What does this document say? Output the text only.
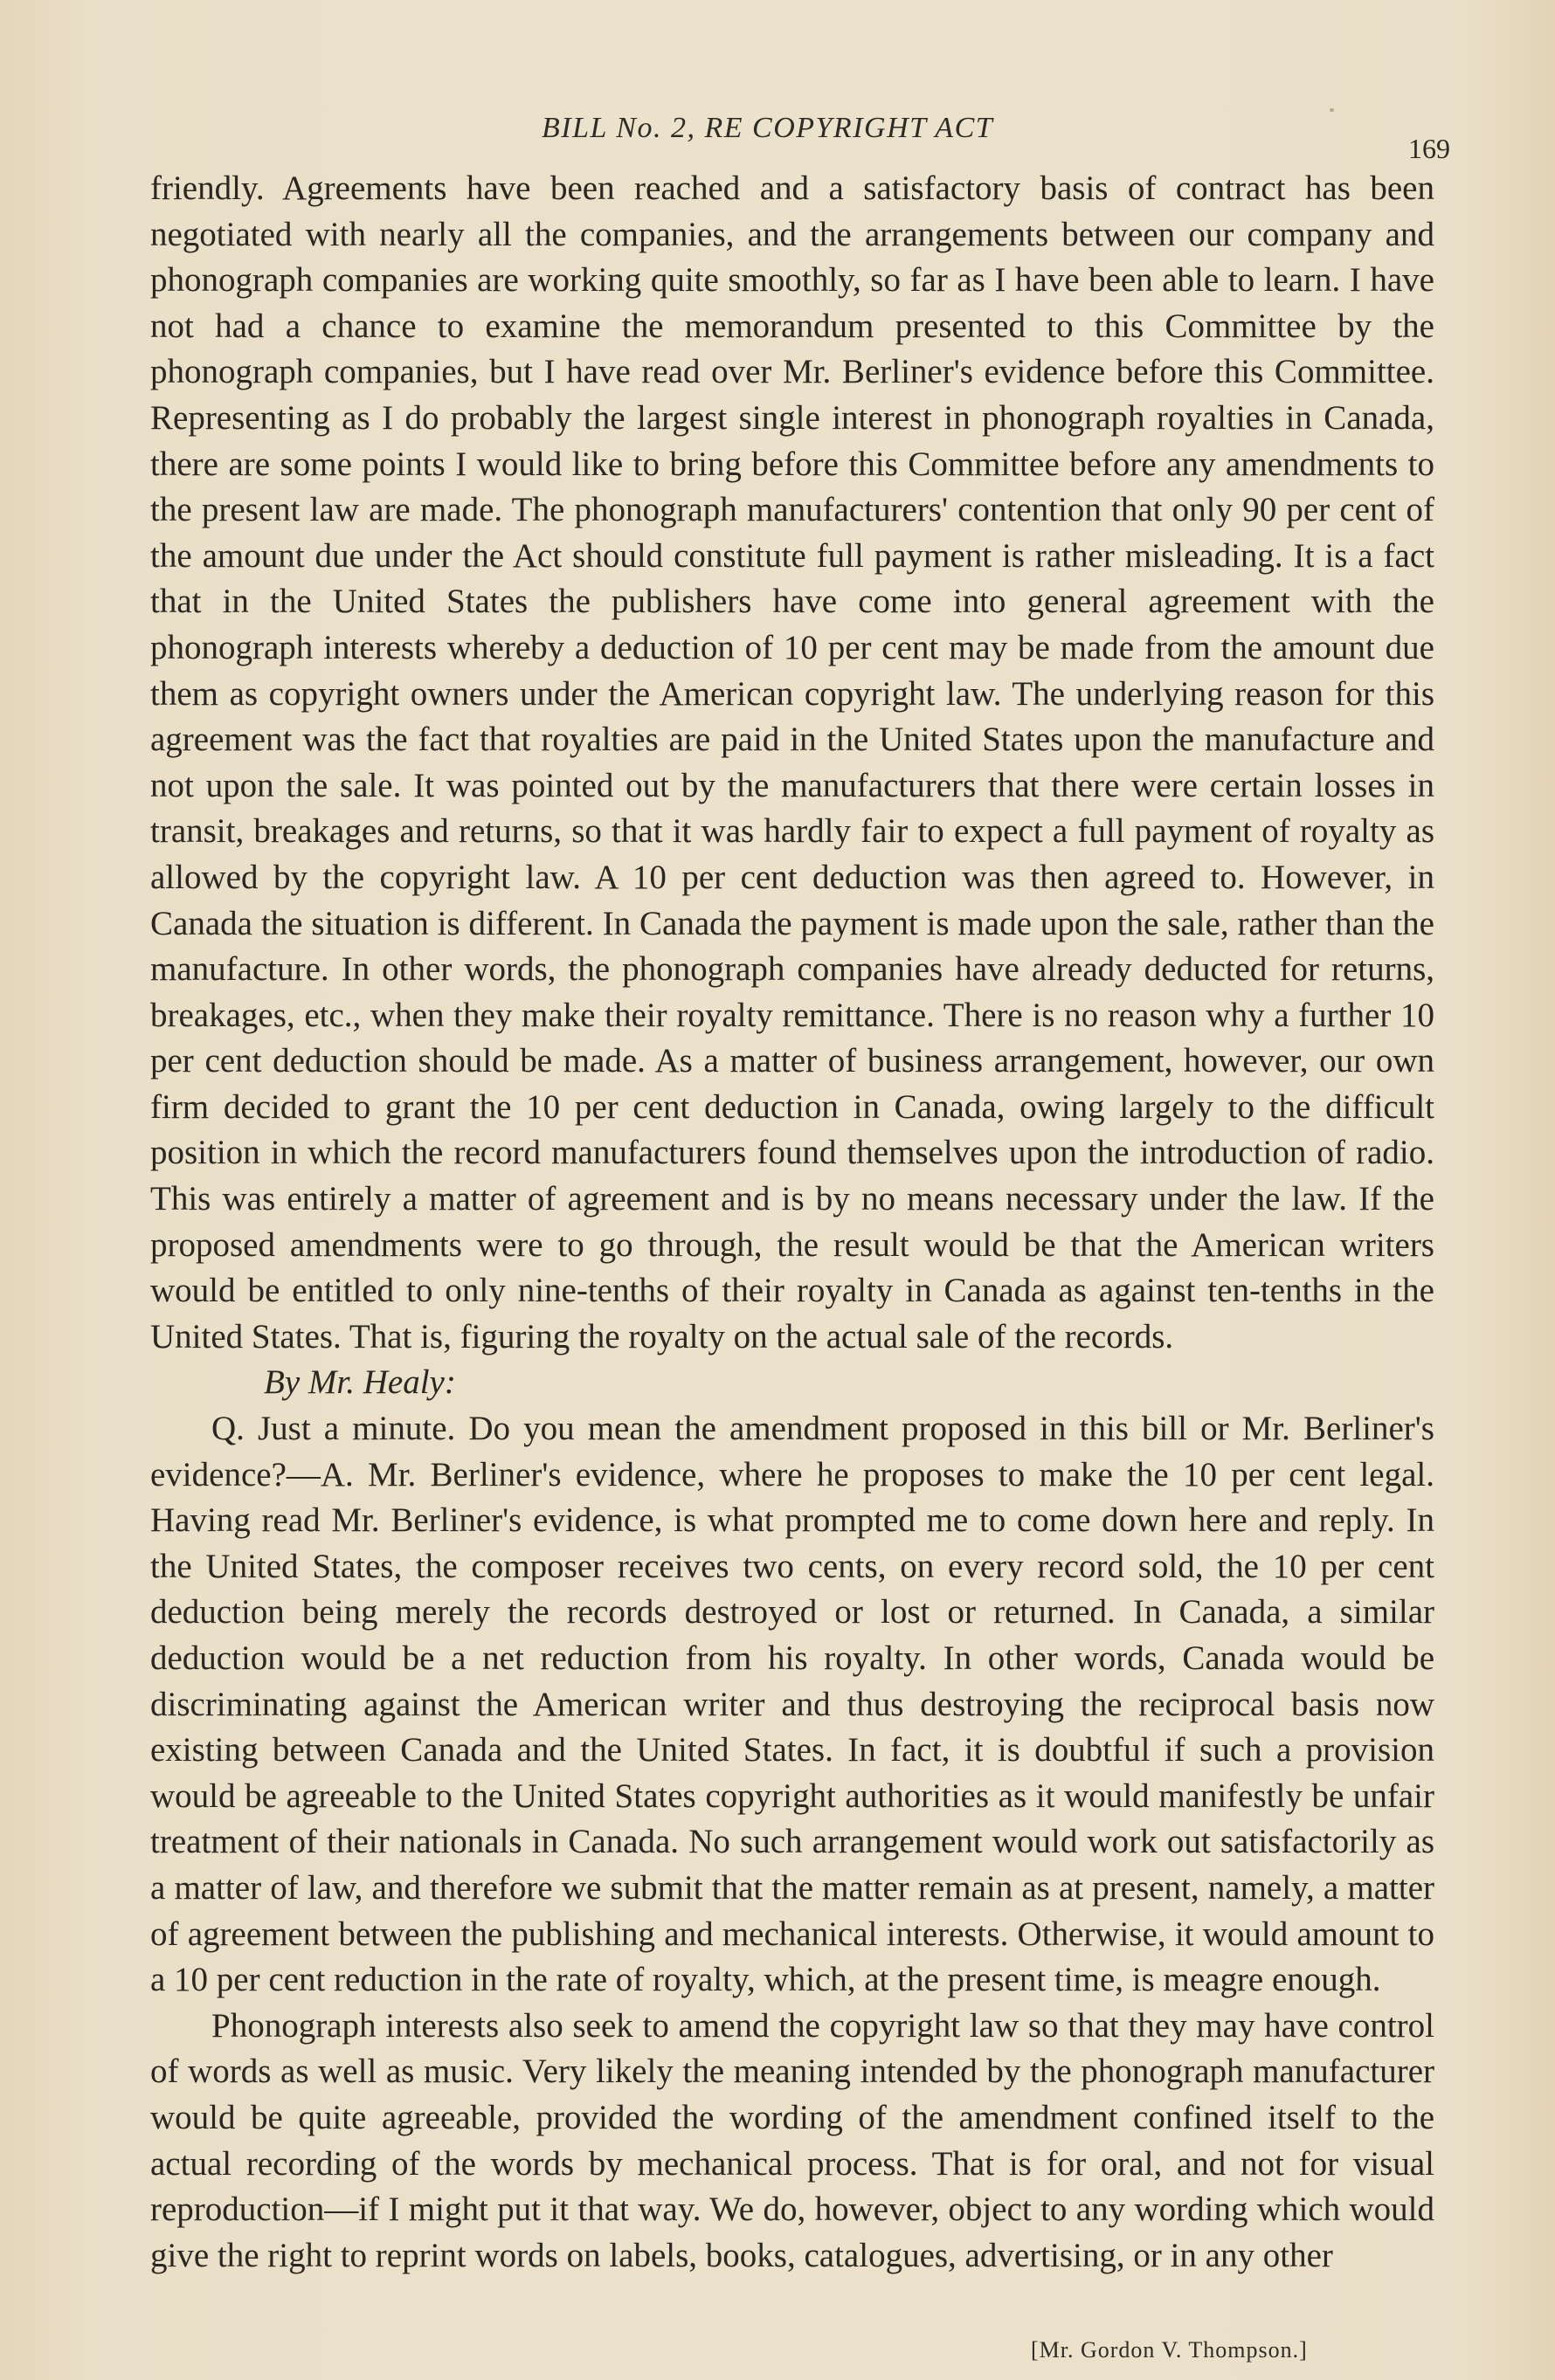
BILL No. 2, RE COPYRIGHT ACT
169

friendly. Agreements have been reached and a satisfactory basis of contract has been negotiated with nearly all the companies, and the arrangements between our company and phonograph companies are working quite smoothly, so far as I have been able to learn. I have not had a chance to examine the memorandum presented to this Committee by the phonograph companies, but I have read over Mr. Berliner's evidence before this Committee. Representing as I do probably the largest single interest in phonograph royalties in Canada, there are some points I would like to bring before this Committee before any amendments to the present law are made. The phonograph manufacturers' contention that only 90 per cent of the amount due under the Act should constitute full payment is rather misleading. It is a fact that in the United States the publishers have come into general agreement with the phonograph interests whereby a deduction of 10 per cent may be made from the amount due them as copyright owners under the American copyright law. The underlying reason for this agreement was the fact that royalties are paid in the United States upon the manufacture and not upon the sale. It was pointed out by the manufacturers that there were certain losses in transit, breakages and returns, so that it was hardly fair to expect a full payment of royalty as allowed by the copyright law. A 10 per cent deduction was then agreed to. However, in Canada the situation is different. In Canada the payment is made upon the sale, rather than the manufacture. In other words, the phonograph companies have already deducted for returns, breakages, etc., when they make their royalty remittance. There is no reason why a further 10 per cent deduction should be made. As a matter of business arrangement, however, our own firm decided to grant the 10 per cent deduction in Canada, owing largely to the difficult position in which the record manufacturers found themselves upon the introduction of radio. This was entirely a matter of agreement and is by no means necessary under the law. If the proposed amendments were to go through, the result would be that the American writers would be entitled to only nine-tenths of their royalty in Canada as against ten-tenths in the United States. That is, figuring the royalty on the actual sale of the records.

By Mr. Healy:

Q. Just a minute. Do you mean the amendment proposed in this bill or Mr. Berliner's evidence?—A. Mr. Berliner's evidence, where he proposes to make the 10 per cent legal. Having read Mr. Berliner's evidence, is what prompted me to come down here and reply. In the United States, the composer receives two cents, on every record sold, the 10 per cent deduction being merely the records destroyed or lost or returned. In Canada, a similar deduction would be a net reduction from his royalty. In other words, Canada would be discriminating against the American writer and thus destroying the reciprocal basis now existing between Canada and the United States. In fact, it is doubtful if such a provision would be agreeable to the United States copyright authorities as it would manifestly be unfair treatment of their nationals in Canada. No such arrangement would work out satisfactorily as a matter of law, and therefore we submit that the matter remain as at present, namely, a matter of agreement between the publishing and mechanical interests. Otherwise, it would amount to a 10 per cent reduction in the rate of royalty, which, at the present time, is meagre enough.

Phonograph interests also seek to amend the copyright law so that they may have control of words as well as music. Very likely the meaning intended by the phonograph manufacturer would be quite agreeable, provided the wording of the amendment confined itself to the actual recording of the words by mechanical process. That is for oral, and not for visual reproduction—if I might put it that way. We do, however, object to any wording which would give the right to reprint words on labels, books, catalogues, advertising, or in any other

[Mr. Gordon V. Thompson.]
